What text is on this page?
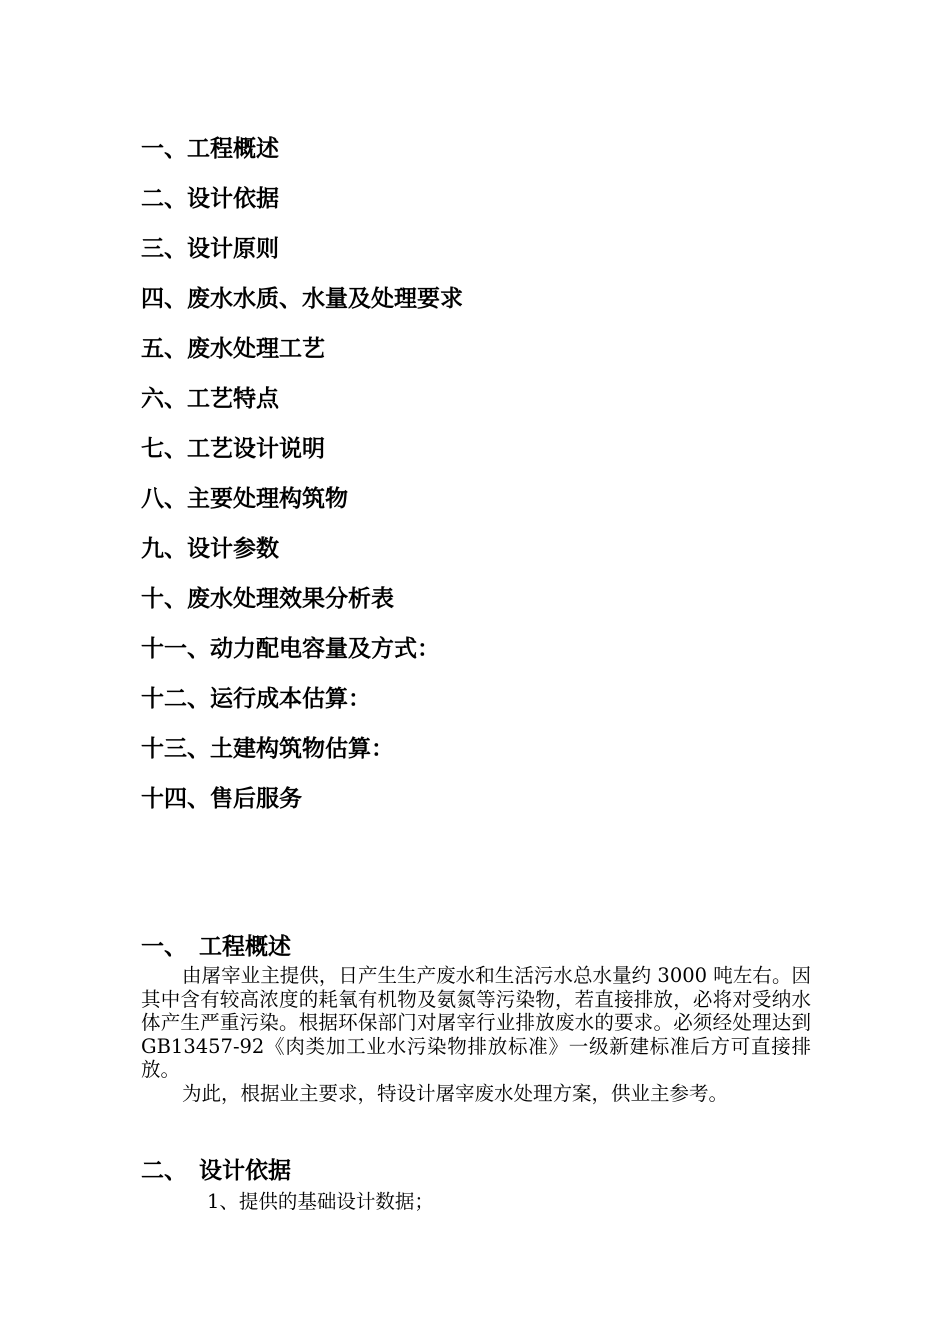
一、工程概述
二、设计依据
三、设计原则
四、废水水质、水量及处理要求
五、废水处理工艺
六、工艺特点
七、工艺设计说明
八、主要处理构筑物
九、设计参数
十、废水处理效果分析表
十一、动力配电容量及方式：
十二、运行成本估算：
十三、土建构筑物估算：
十四、售后服务
一、 工程概述

由屠宰业主提供，日产生生产废水和生活污水总水量约 3000 吨左右。因其中含有较高浓度的耗氧有机物及氨氮等污染物，若直接排放，必将对受纳水体产生严重污染。根据环保部门对屠宰行业排放废水的要求。必须经处理达到 GB13457-92《肉类加工业水污染物排放标准》一级新建标准后方可直接排放。

为此，根据业主要求，特设计屠宰废水处理方案，供业主参考。

二、 设计依据

1、提供的基础设计数据；
